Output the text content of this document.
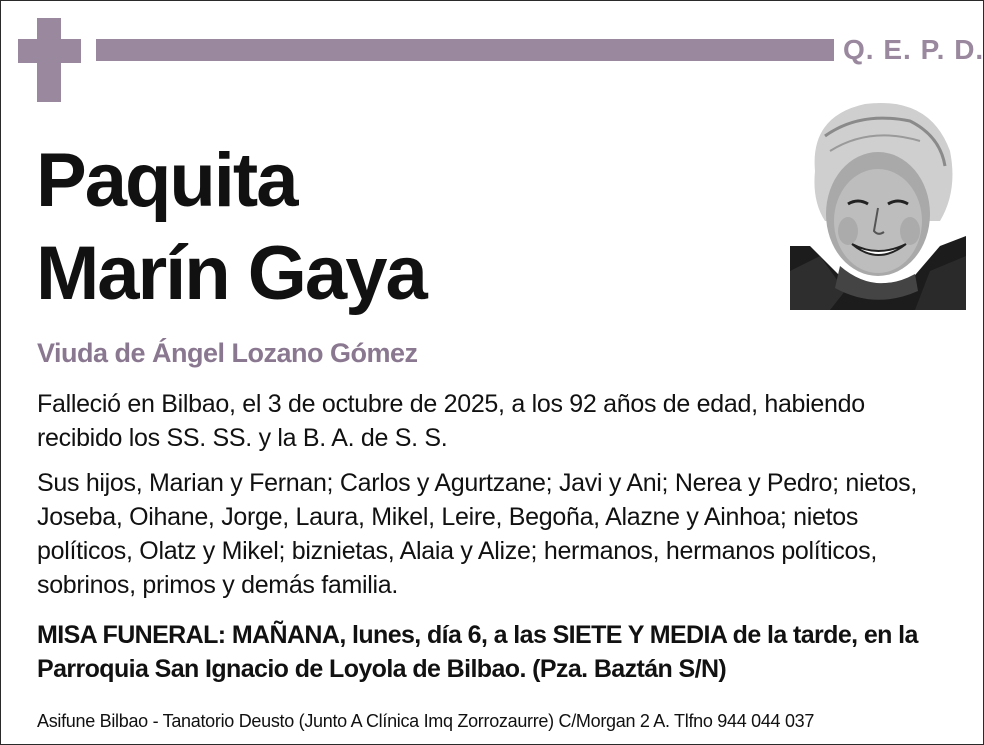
Q. E. P. D.
Paquita
Marín Gaya
Viuda de Ángel Lozano Gómez
Falleció en Bilbao, el 3 de octubre de 2025, a los 92 años de edad, habiendo recibido los SS. SS. y la B. A. de S. S.
Sus hijos, Marian y Fernan; Carlos y Agurtzane; Javi y Ani; Nerea y Pedro; nietos, Joseba, Oihane, Jorge, Laura, Mikel, Leire, Begoña, Alazne y Ainhoa; nietos políticos, Olatz y Mikel; biznietas, Alaia y Alize; hermanos, hermanos políticos, sobrinos, primos y demás familia.
MISA FUNERAL: MAÑANA, lunes, día 6, a las SIETE Y MEDIA de la tarde, en la Parroquia San Ignacio de Loyola de Bilbao. (Pza. Baztán S/N)
Asifune Bilbao - Tanatorio Deusto (Junto A Clínica Imq Zorrozaurre) C/Morgan 2 A. Tlfno 944 044 037
